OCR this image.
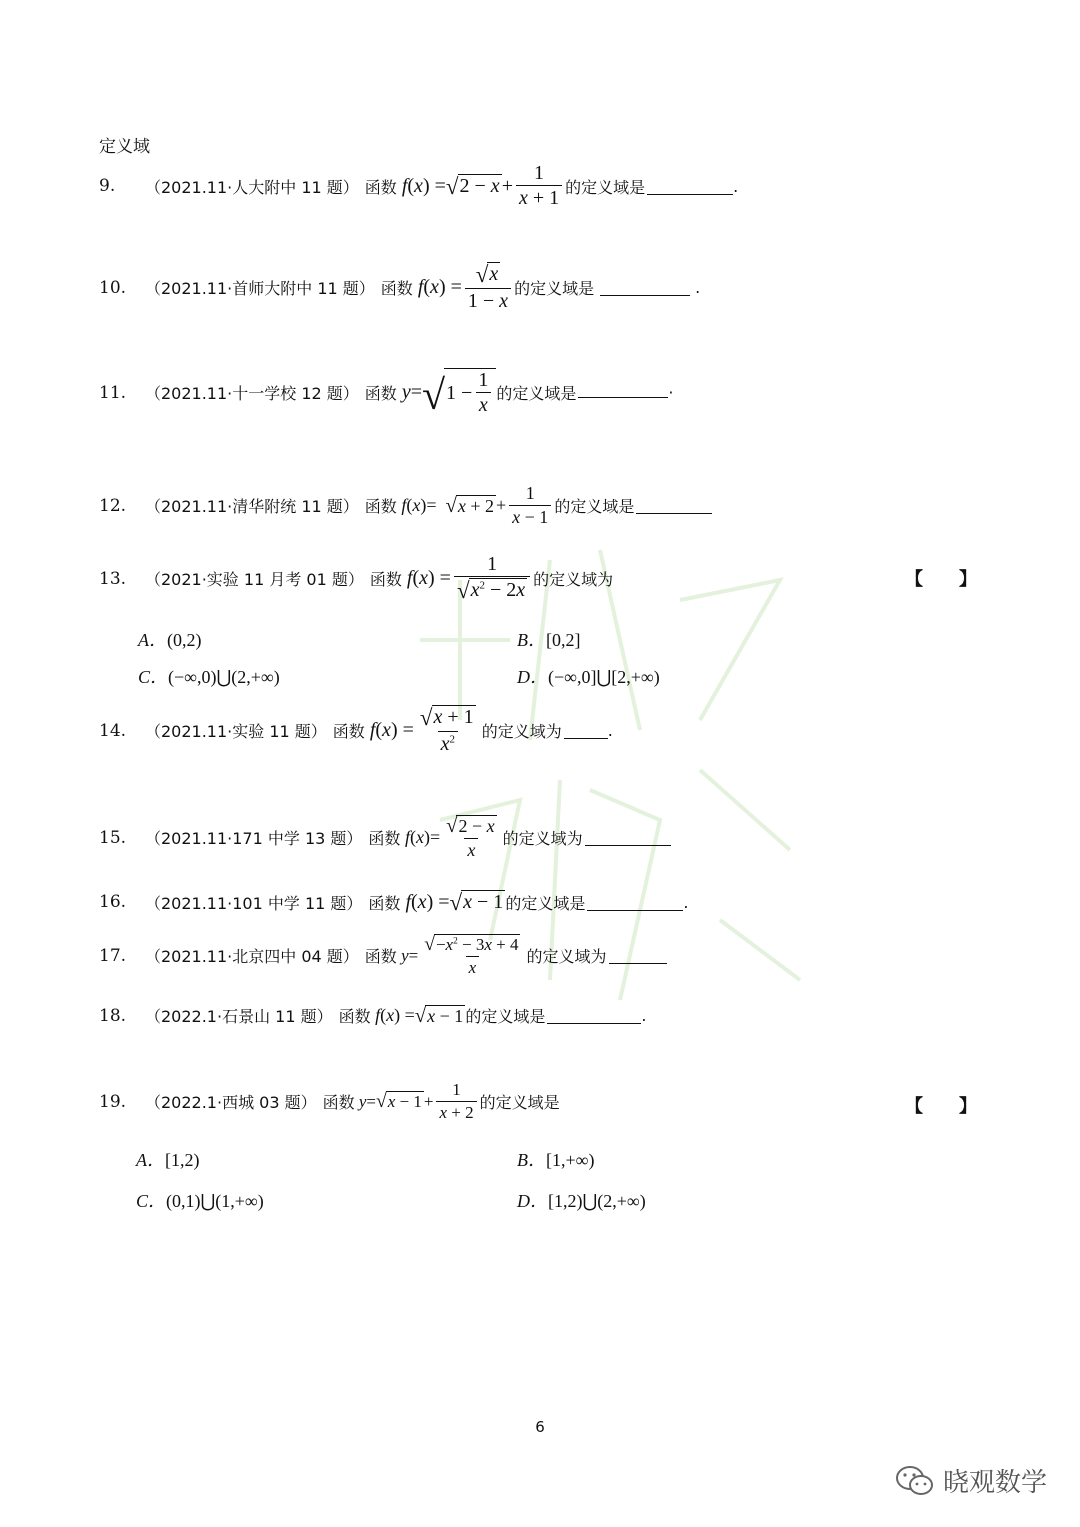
定义域
9.	（2021.11·人大附中 11 题） 函数
f ( x ) = √ $2 - x + \frac{1}{x + 1}$ 的定义域是	.
10.	（2021.11·首师大附中 11 题） 函数
f ( x ) = $\frac{√ x}{1 - x}$ 的定义域是	.
11.	（2021.11·十一学校 12 题） 函数
y = √ $1 - \frac{1}{x}$ 的定义域是	·
12.	（2021.11·清华附统 11 题） 函数
f ( x )= √ $x + 2 + \frac{1}{x - 1}$ 的定义域是
13.	（2021·实验 11 月考 01 题） 函数
f ( x ) = $\frac{1}{√ x^2 - 2x}$ 的定义域为	【　　】
A．(0,2)	B．[0,2]
C．(−∞,0)⋃(2,+∞)	D．(−∞,0]⋃[2,+∞)
14.	（2021.11·实验 11 题） 函数
f ( x ) = $\frac{√ x + 1}{x^2}$ 的定义域为	.
15.	（2021.11·171 中学 13 题） 函数
f ( x )= $\frac{√ 2 - x}{x}$ 的定义域为
16.	（2021.11·101 中学 11 题） 函数
f ( x ) = √ x − 1 的定义域是	.
17.	（2021.11·北京四中 04 题） 函数
$y = \frac{√ -x^2 - 3x + 4}{x}$ 的定义域为
18.	（2022.1·石景山 11 题） 函数
f ( x ) = √ x − 1 的定义域是	.
19.	（2022.1·西城 03 题） 函数
y = √ $x - 1 + \frac{1}{x + 2}$ 的定义域是	【　　】
A．[1,2)	B．[1,+∞)
C．(0,1)⋃(1,+∞)	D．[1,2)⋃(2,+∞)
6
晓观数学
